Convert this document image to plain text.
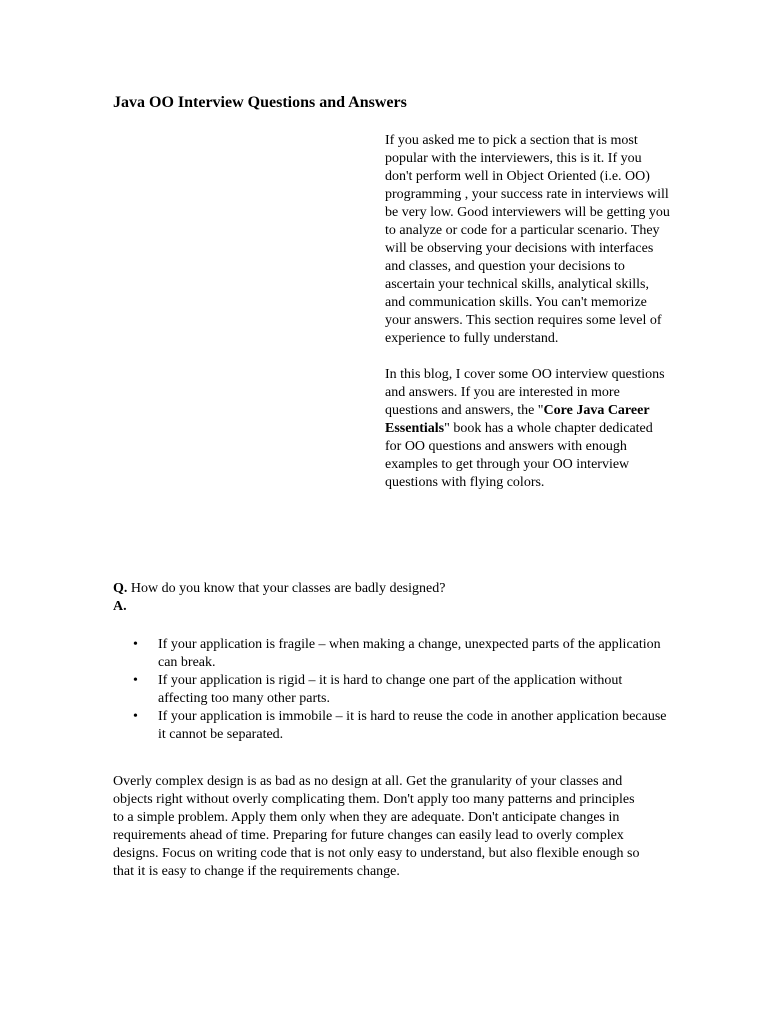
Java OO Interview Questions and Answers

If you asked me to pick a section that is most popular with the interviewers, this is it. If you don't perform well in Object Oriented (i.e. OO) programming , your success rate in interviews will be very low. Good interviewers will be getting you to analyze or code for a particular scenario. They will be observing your decisions with interfaces and classes, and question your decisions to ascertain your technical skills, analytical skills, and communication skills. You can't memorize your answers. This section requires some level of experience to fully understand.

In this blog, I cover some OO interview questions and answers. If you are interested in more questions and answers, the "Core Java Career Essentials" book has a whole chapter dedicated for OO questions and answers with enough examples to get through your OO interview questions with flying colors.

Q. How do you know that your classes are badly designed?

A.

• If your application is fragile – when making a change, unexpected parts of the application can break.
• If your application is rigid – it is hard to change one part of the application without affecting too many other parts.
• If your application is immobile – it is hard to reuse the code in another application because it cannot be separated.

Overly complex design is as bad as no design at all. Get the granularity of your classes and objects right without overly complicating them. Don't apply too many patterns and principles to a simple problem. Apply them only when they are adequate. Don't anticipate changes in requirements ahead of time. Preparing for future changes can easily lead to overly complex designs. Focus on writing code that is not only easy to understand, but also flexible enough so that it is easy to change if the requirements change.
